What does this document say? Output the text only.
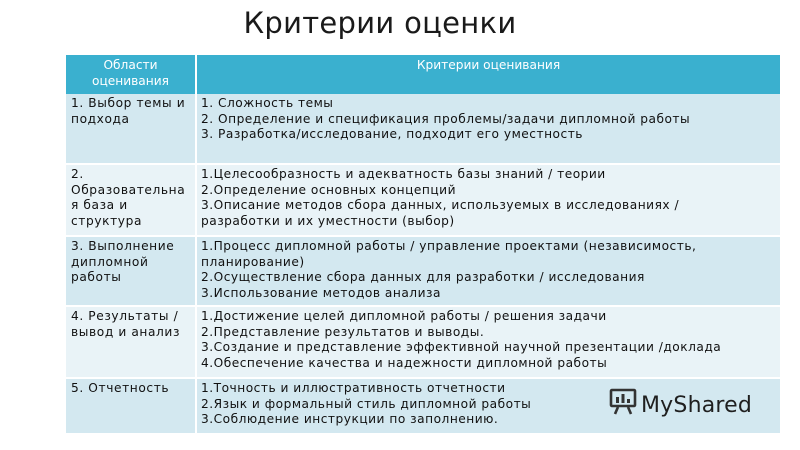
Критерии оценки
Области оценивания	Критерии оценивания
1. Выбор темы и подхода	1. Сложность темы
2. Определение и спецификация проблемы/задачи дипломной работы
3. Разработка/исследование, подходит его уместность

2. Образовательна я база и структура	1.Целесообразность и адекватность базы знаний / теории
2.Определение основных концепций
3.Описание методов сбора данных, используемых в исследованиях /
разработки и их уместности (выбор)

3. Выполнение дипломной работы	1.Процесс дипломной работы / управление проектами (независимость,
планирование)
2.Осуществление сбора данных для разработки / исследования
3.Использование методов анализа

4. Результаты / вывод и анализ	1.Достижение целей дипломной работы / решения задачи
2.Представление результатов и выводы.
3.Создание и представление эффективной научной презентации /доклада
4.Обеспечение качества и надежности дипломной работы

5. Отчетность	1.Точность и иллюстративность отчетности
2.Язык и формальный стиль дипломной работы
3.Соблюдение инструкции по заполнению.
MyShared
